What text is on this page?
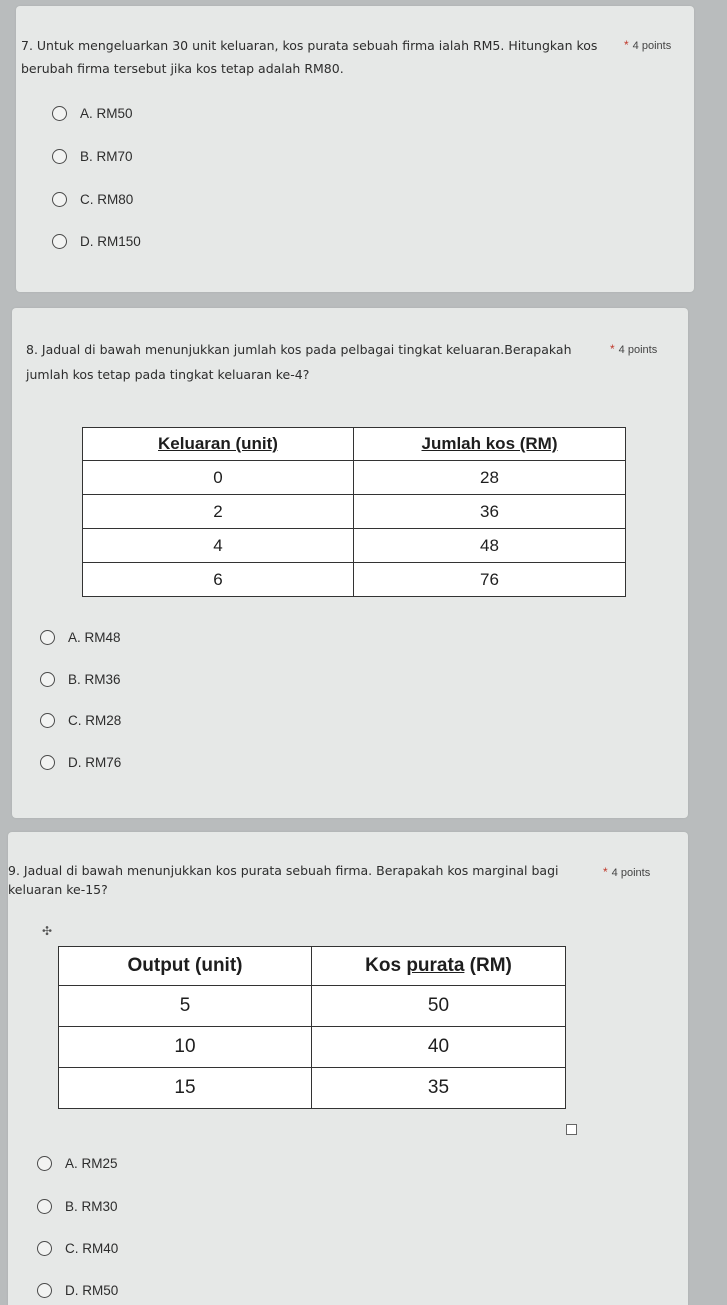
7. Untuk mengeluarkan 30 unit keluaran, kos purata sebuah firma ialah RM5. Hitungkan kos * 4 points
berubah firma tersebut jika kos tetap adalah RM80.
A. RM50
B. RM70
C. RM80
D. RM150
8. Jadual di bawah menunjukkan jumlah kos pada pelbagai tingkat keluaran.Berapakah	* 4 points
jumlah kos tetap pada tingkat keluaran ke-4?
Keluaran (unit)	Jumlah kos (RM)
0	28
2	36
4	48
6	76
A. RM48
B. RM36
C. RM28
D. RM76
9. Jadual di bawah menunjukkan kos purata sebuah firma. Berapakah kos marginal bagi	* 4 points
keluaran ke-15?
✣
Output (unit)	Kos purata (RM)
5	50
10	40
15	35
A. RM25
B. RM30
C. RM40
D. RM50
